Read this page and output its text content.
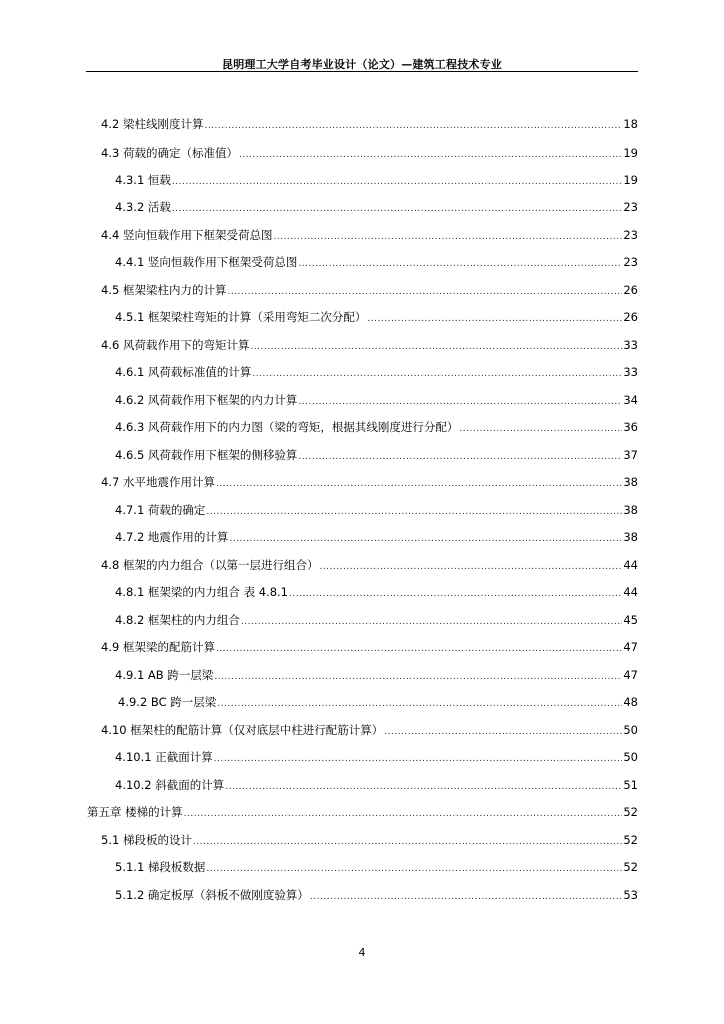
昆明理工大学自考毕业设计（论文）—建筑工程技术专业
4.2 梁柱线刚度计算 .....	18
4.3 荷载的确定（标准值） .....	19
4.3.1 恒载 .....	19
4.3.2 活载 .....	23
4.4 竖向恒载作用下框架受荷总图 .....	23
4.4.1 竖向恒载作用下框架受荷总图 .....	23
4.5 框架梁柱内力的计算 .....	26
4.5.1 框架梁柱弯矩的计算（采用弯矩二次分配） .....	26
4.6 风荷载作用下的弯矩计算 .....	33
4.6.1 风荷载标准值的计算 .....	33
4.6.2 风荷载作用下框架的内力计算 .....	34
4.6.3 风荷载作用下的内力图（梁的弯矩，根据其线刚度进行分配） .....	36
4.6.5 风荷载作用下框架的侧移验算 .....	37
4.7 水平地震作用计算 .....	38
4.7.1 荷载的确定 .....	38
4.7.2 地震作用的计算 .....	38
4.8 框架的内力组合（以第一层进行组合） .....	44
4.8.1 框架梁的内力组合 表 4.8.1 .....	44
4.8.2 框架柱的内力组合 .....	45
4.9 框架梁的配筋计算 .....	47
4.9.1 AB 跨一层梁 .....	47
4.9.2 BC 跨一层梁 .....	48
4.10 框架柱的配筋计算（仅对底层中柱进行配筋计算） .....	50
4.10.1 正截面计算 .....	50
4.10.2 斜截面的计算 .....	51
第五章 楼梯的计算 .....	52
5.1 梯段板的设计 .....	52
5.1.1 梯段板数据 .....	52
5.1.2 确定板厚（斜板不做刚度验算） .....	53
4
